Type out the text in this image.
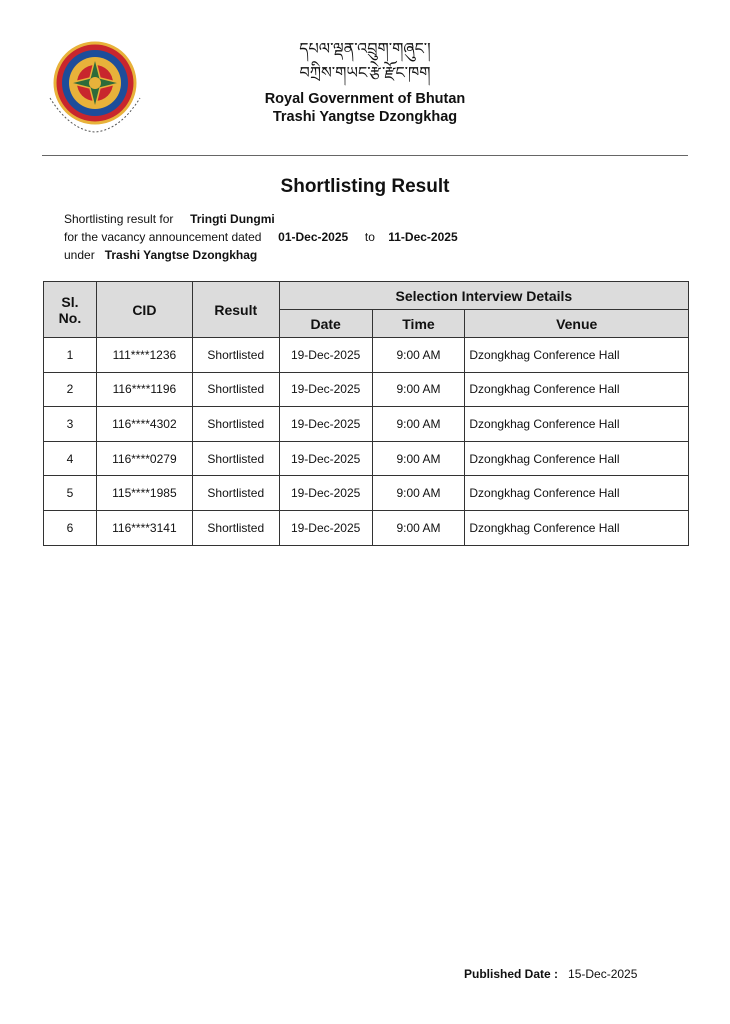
དཔལ་ལྡན་འབྲུག་གཞུང་།
བཀྲིས་གཡང་རྩེ་རྫོང་ཁག
Royal Government of Bhutan
Trashi Yangtse Dzongkhag
Shortlisting Result
Shortlisting result for Tringti Dungmi
for the vacancy announcement dated 01-Dec-2025 to 11-Dec-2025
under Trashi Yangtse Dzongkhag
Sl.
No.	CID	Result	Selection Interview Details		
			Date	Time	Venue
1	111****1236	Shortlisted	19-Dec-2025	9:00 AM	Dzongkhag Conference Hall
2	116****1196	Shortlisted	19-Dec-2025	9:00 AM	Dzongkhag Conference Hall
3	116****4302	Shortlisted	19-Dec-2025	9:00 AM	Dzongkhag Conference Hall
4	116****0279	Shortlisted	19-Dec-2025	9:00 AM	Dzongkhag Conference Hall
5	115****1985	Shortlisted	19-Dec-2025	9:00 AM	Dzongkhag Conference Hall
6	116****3141	Shortlisted	19-Dec-2025	9:00 AM	Dzongkhag Conference Hall
Published Date : 15-Dec-2025
